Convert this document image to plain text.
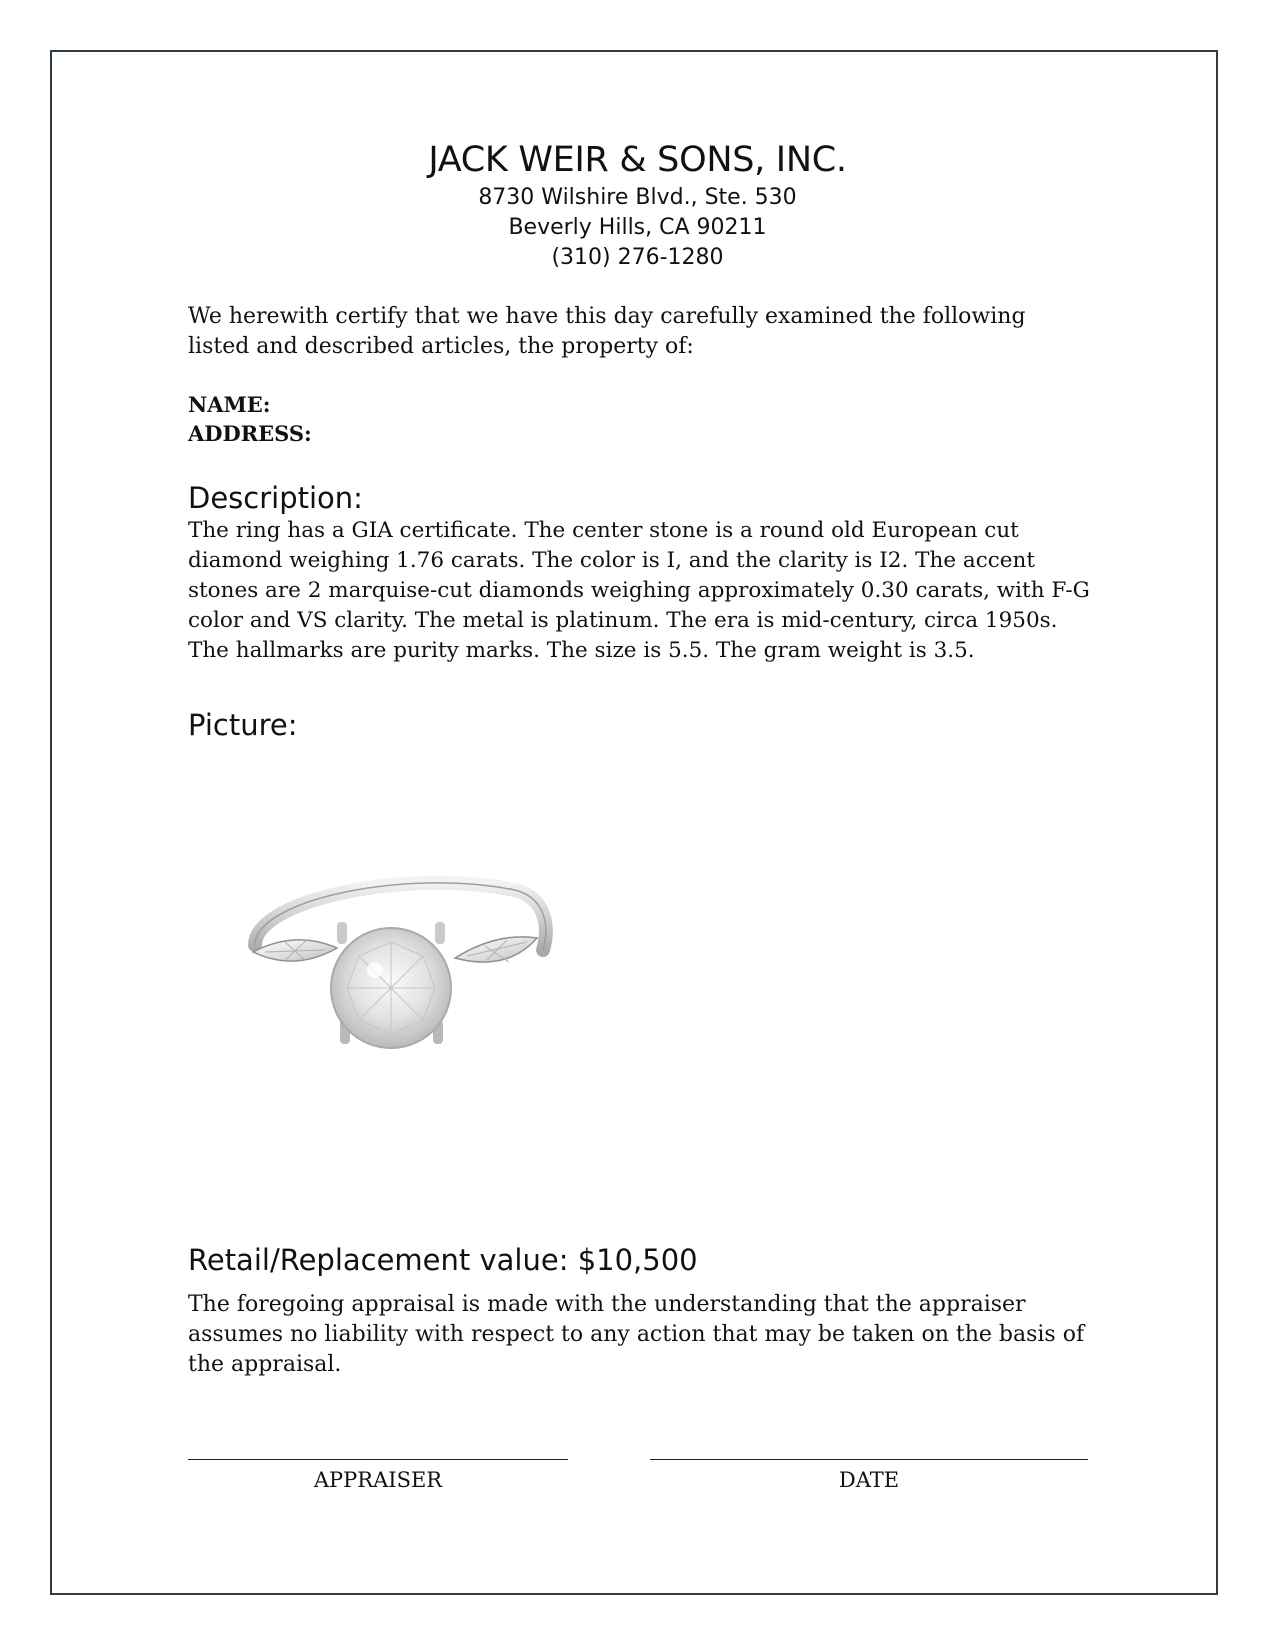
JACK WEIR & SONS, INC.
8730 Wilshire Blvd., Ste. 530
Beverly Hills, CA 90211
(310) 276-1280
We herewith certify that we have this day carefully examined the following listed and described articles, the property of:
NAME:
ADDRESS:
Description:
The ring has a GIA certificate. The center stone is a round old European cut diamond weighing 1.76 carats. The color is I, and the clarity is I2. The accent stones are 2 marquise-cut diamonds weighing approximately 0.30 carats, with F-G color and VS clarity. The metal is platinum. The era is mid-century, circa 1950s. The hallmarks are purity marks. The size is 5.5. The gram weight is 3.5.
Picture:
Retail/Replacement value: $10,500
The foregoing appraisal is made with the understanding that the appraiser assumes no liability with respect to any action that may be taken on the basis of the appraisal.
APPRAISER	DATE
